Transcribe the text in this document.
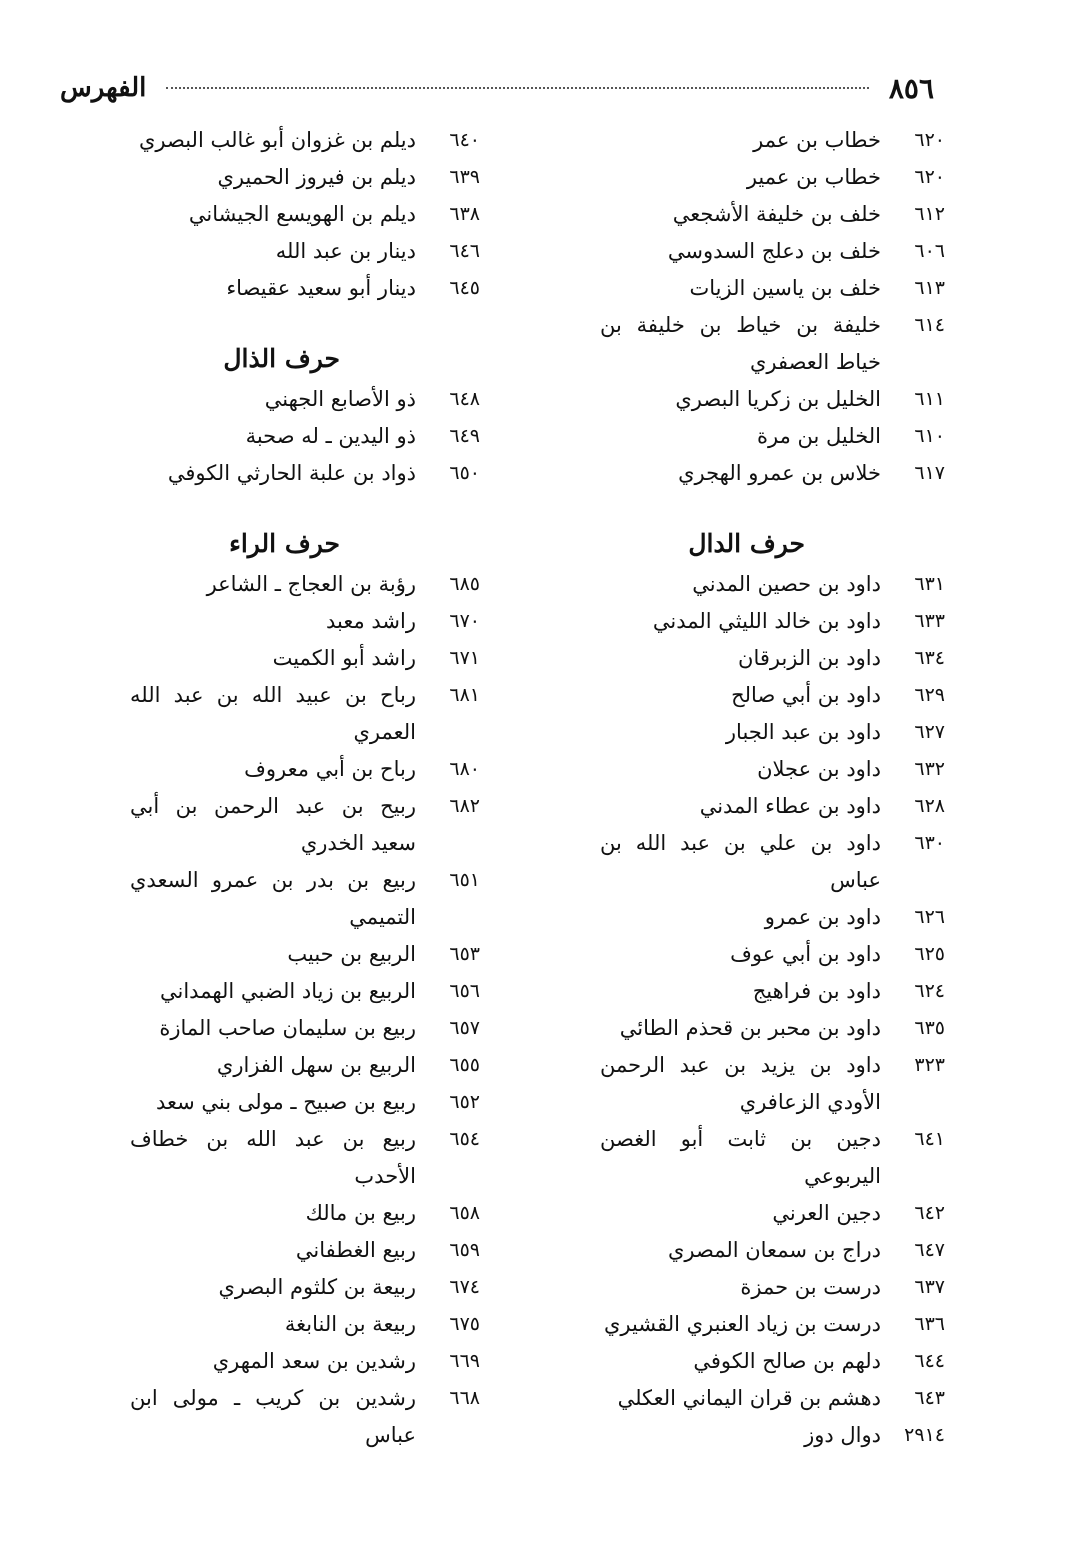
٨٥٦
الفهرس
٦٢٠
خطاب بن عمر
٦٢٠
خطاب بن عمير
٦١٢
خلف بن خليفة الأشجعي
٦٠٦
خلف بن دعلج السدوسي
٦١٣
خلف بن ياسين الزيات
٦١٤
خليفة بن خياط بن خليفة بن خياط العصفري
٦١١
الخليل بن زكريا البصري
٦١٠
الخليل بن مرة
٦١٧
خلاس بن عمرو الهجري
حرف الدال
٦٣١
داود بن حصين المدني
٦٣٣
داود بن خالد الليثي المدني
٦٣٤
داود بن الزبرقان
٦٢٩
داود بن أبي صالح
٦٢٧
داود بن عبد الجبار
٦٣٢
داود بن عجلان
٦٢٨
داود بن عطاء المدني
٦٣٠
داود بن علي بن عبد الله بن عباس
٦٢٦
داود بن عمرو
٦٢٥
داود بن أبي عوف
٦٢٤
داود بن فراهيج
٦٣٥
داود بن محبر بن قحذم الطائي
٣٢٣
داود بن يزيد بن عبد الرحمن الأودي الزعافري
٦٤١
دجين بن ثابت أبو الغصن اليربوعي
٦٤٢
دجين العرني
٦٤٧
دراج بن سمعان المصري
٦٣٧
درست بن حمزة
٦٣٦
درست بن زياد العنبري القشيري
٦٤٤
دلهم بن صالح الكوفي
٦٤٣
دهشم بن قران اليماني العكلي
٢٩١٤
دوال دوز
٦٤٠
ديلم بن غزوان أبو غالب البصري
٦٣٩
ديلم بن فيروز الحميري
٦٣٨
ديلم بن الهويسع الجيشاني
٦٤٦
دينار بن عبد الله
٦٤٥
دينار أبو سعيد عقيصاء
حرف الذال
٦٤٨
ذو الأصابع الجهني
٦٤٩
ذو اليدين ـ له صحبة
٦٥٠
ذواد بن علبة الحارثي الكوفي
حرف الراء
٦٨٥
رؤبة بن العجاج ـ الشاعر
٦٧٠
راشد معبد
٦٧١
راشد أبو الكميت
٦٨١
رباح بن عبيد الله بن عبد الله العمري
٦٨٠
رباح بن أبي معروف
٦٨٢
ربيح بن عبد الرحمن بن أبي سعيد الخدري
٦٥١
ربيع بن بدر بن عمرو السعدي التميمي
٦٥٣
الربيع بن حبيب
٦٥٦
الربيع بن زياد الضبي الهمداني
٦٥٧
ربيع بن سليمان صاحب المازة
٦٥٥
الربيع بن سهل الفزاري
٦٥٢
ربيع بن صبيح ـ مولى بني سعد
٦٥٤
ربيع بن عبد الله بن خطاف الأحدب
٦٥٨
ربيع بن مالك
٦٥٩
ربيع الغطفاني
٦٧٤
ربيعة بن كلثوم البصري
٦٧٥
ربيعة بن النابغة
٦٦٩
رشدين بن سعد المهري
٦٦٨
رشدين بن كريب ـ مولى ابن عباس
